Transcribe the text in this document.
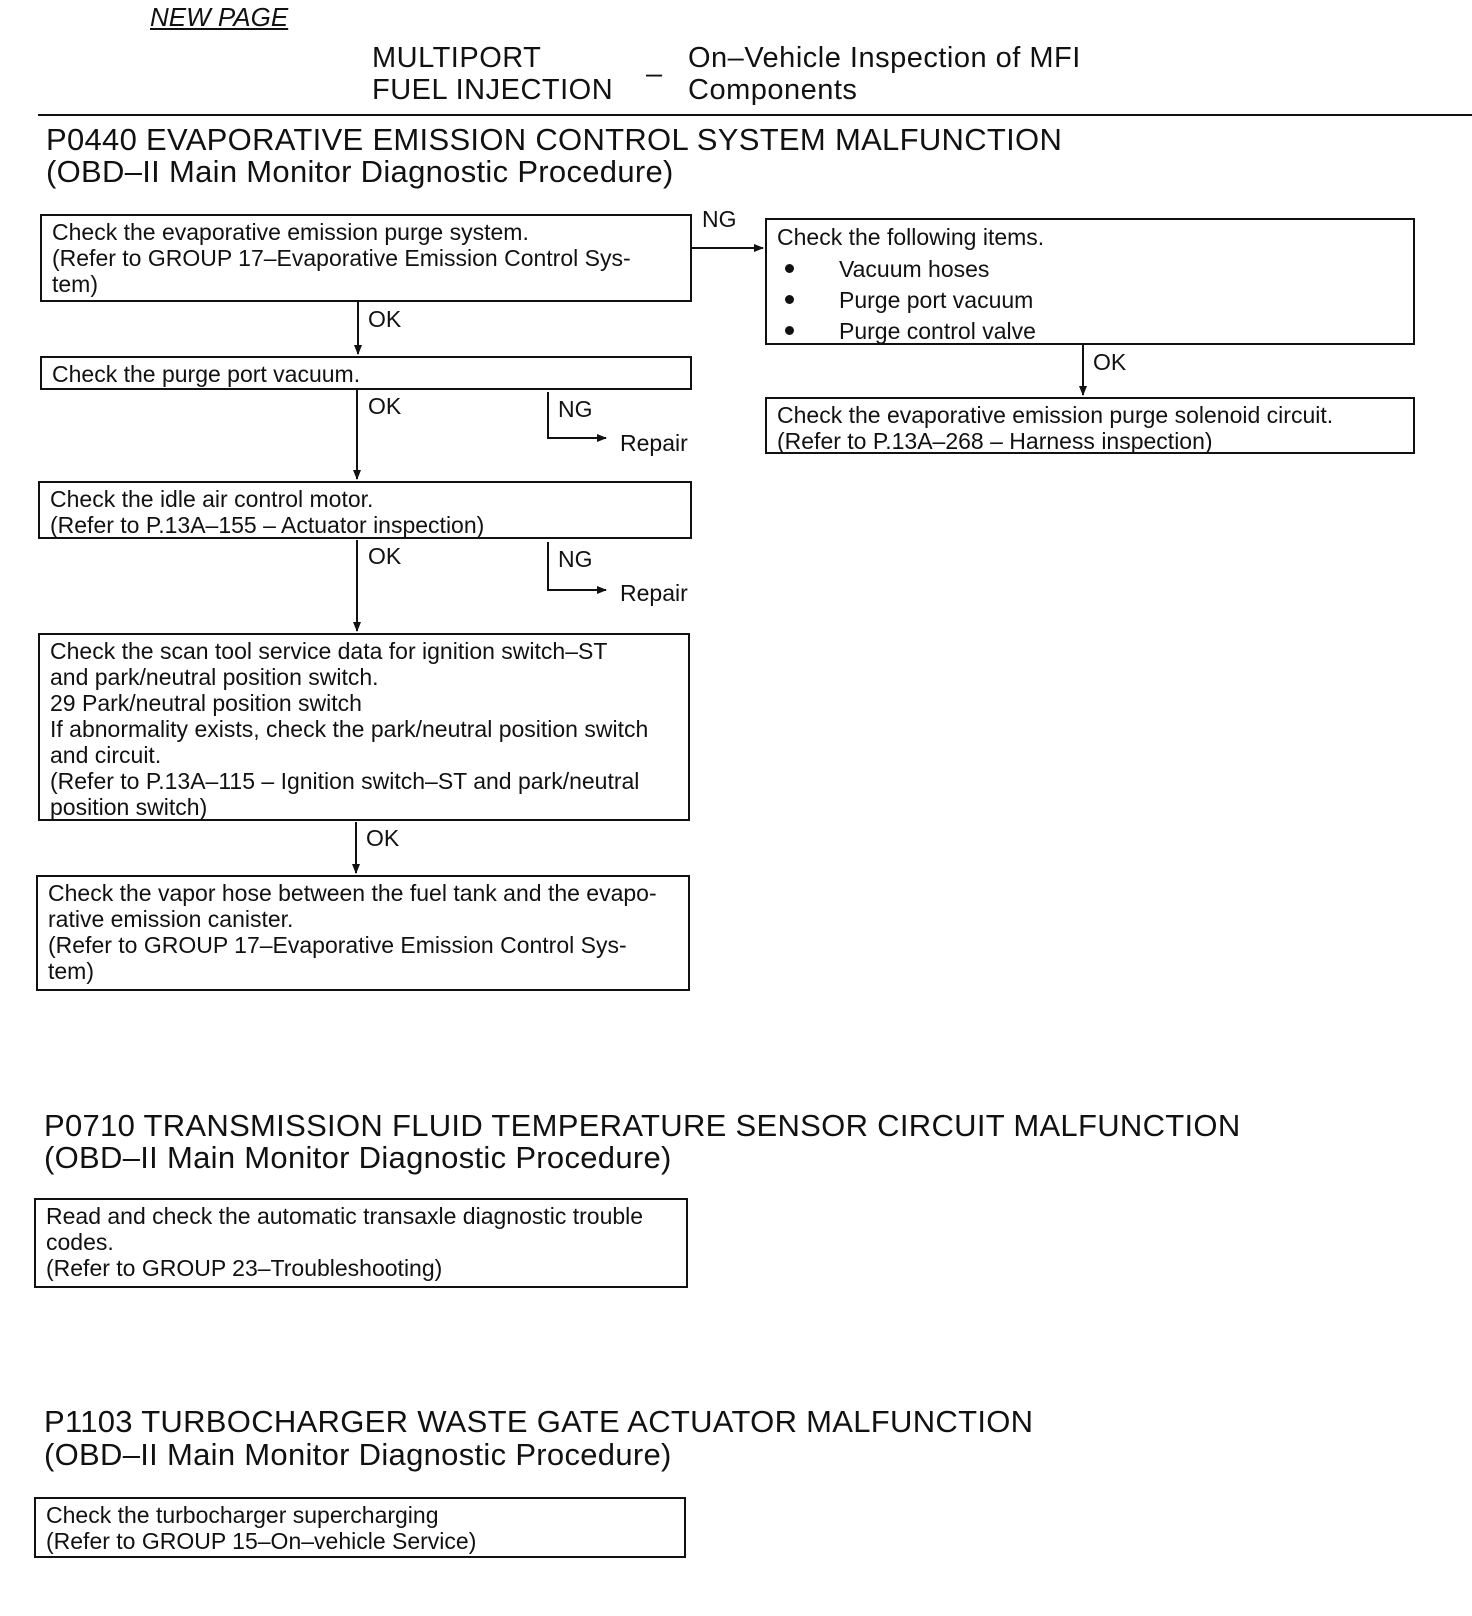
NEW PAGE
MULTIPORT
FUEL INJECTION – On–Vehicle Inspection of MFI
Components
P0440 EVAPORATIVE EMISSION CONTROL SYSTEM MALFUNCTION
(OBD–II Main Monitor Diagnostic Procedure)
Check the evaporative emission purge system.
(Refer to GROUP 17–Evaporative Emission Control Sys-
tem)
Check the purge port vacuum.
Check the idle air control motor.
(Refer to P.13A–155 – Actuator inspection)
Check the scan tool service data for ignition switch–ST
and park/neutral position switch.
29 Park/neutral position switch
If abnormality exists, check the park/neutral position switch
and circuit.
(Refer to P.13A–115 – Ignition switch–ST and park/neutral
position switch)
Check the vapor hose between the fuel tank and the evapo-
rative emission canister.
(Refer to GROUP 17–Evaporative Emission Control Sys-
tem)
Check the following items.
Vacuum hoses
Purge port vacuum
Purge control valve
Check the evaporative emission purge solenoid circuit.
(Refer to P.13A–268 – Harness inspection)
OK
OK
OK
OK
OK
NG
NG
NG
Repair
Repair
P0710 TRANSMISSION FLUID TEMPERATURE SENSOR CIRCUIT MALFUNCTION
(OBD–II Main Monitor Diagnostic Procedure)
Read and check the automatic transaxle diagnostic trouble
codes.
(Refer to GROUP 23–Troubleshooting)
P1103 TURBOCHARGER WASTE GATE ACTUATOR MALFUNCTION
(OBD–II Main Monitor Diagnostic Procedure)
Check the turbocharger supercharging
(Refer to GROUP 15–On–vehicle Service)
